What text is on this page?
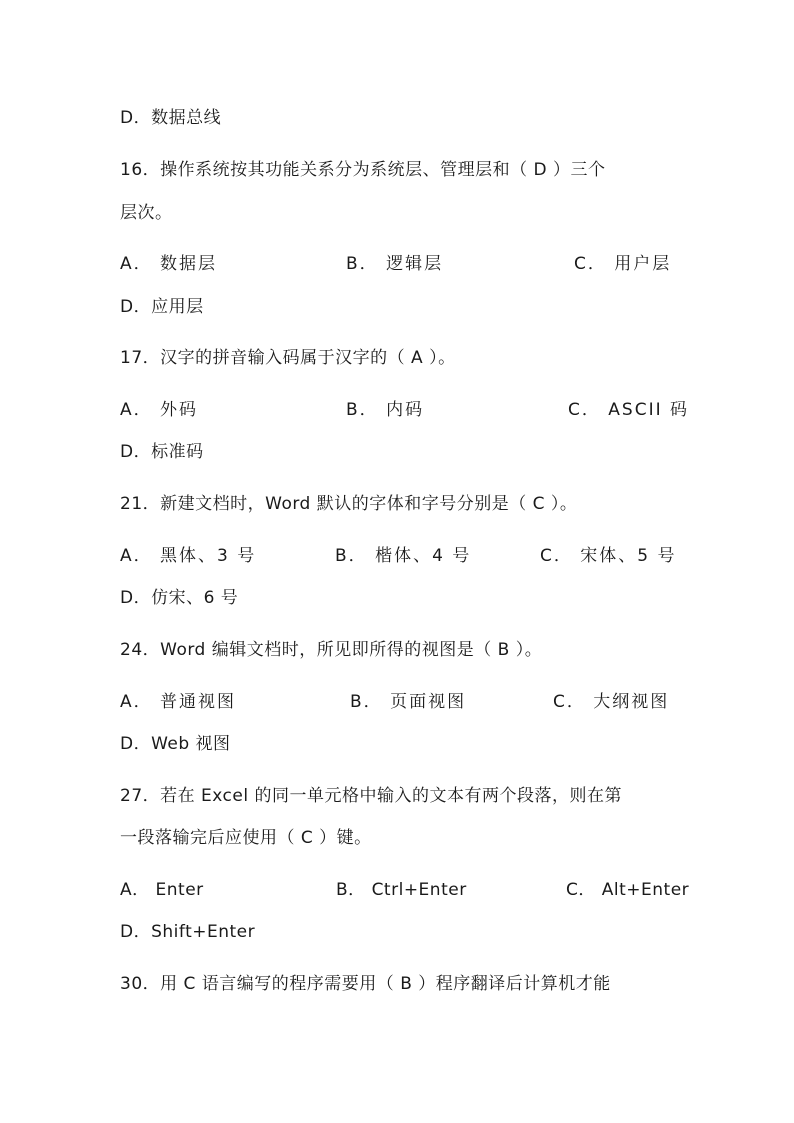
D．数据总线
16．操作系统按其功能关系分为系统层、管理层和（ D ）三个
层次。
A． 数据层	B． 逻辑层	C． 用户层
D．应用层
17．汉字的拼音输入码属于汉字的（ A ）。
A． 外码	B． 内码	C． ASCII 码
D．标准码
21．新建文档时，Word 默认的字体和字号分别是（ C ）。
A． 黑体、3 号	B． 楷体、4 号	C． 宋体、5 号
D．仿宋、6 号
24．Word 编辑文档时，所见即所得的视图是（ B ）。
A． 普通视图	B． 页面视图	C． 大纲视图
D．Web 视图
27．若在 Excel 的同一单元格中输入的文本有两个段落，则在第
一段落输完后应使用（ C ）键。
A． Enter	B． Ctrl+Enter	C． Alt+Enter
D．Shift+Enter
30．用 C 语言编写的程序需要用（ B ）程序翻译后计算机才能
